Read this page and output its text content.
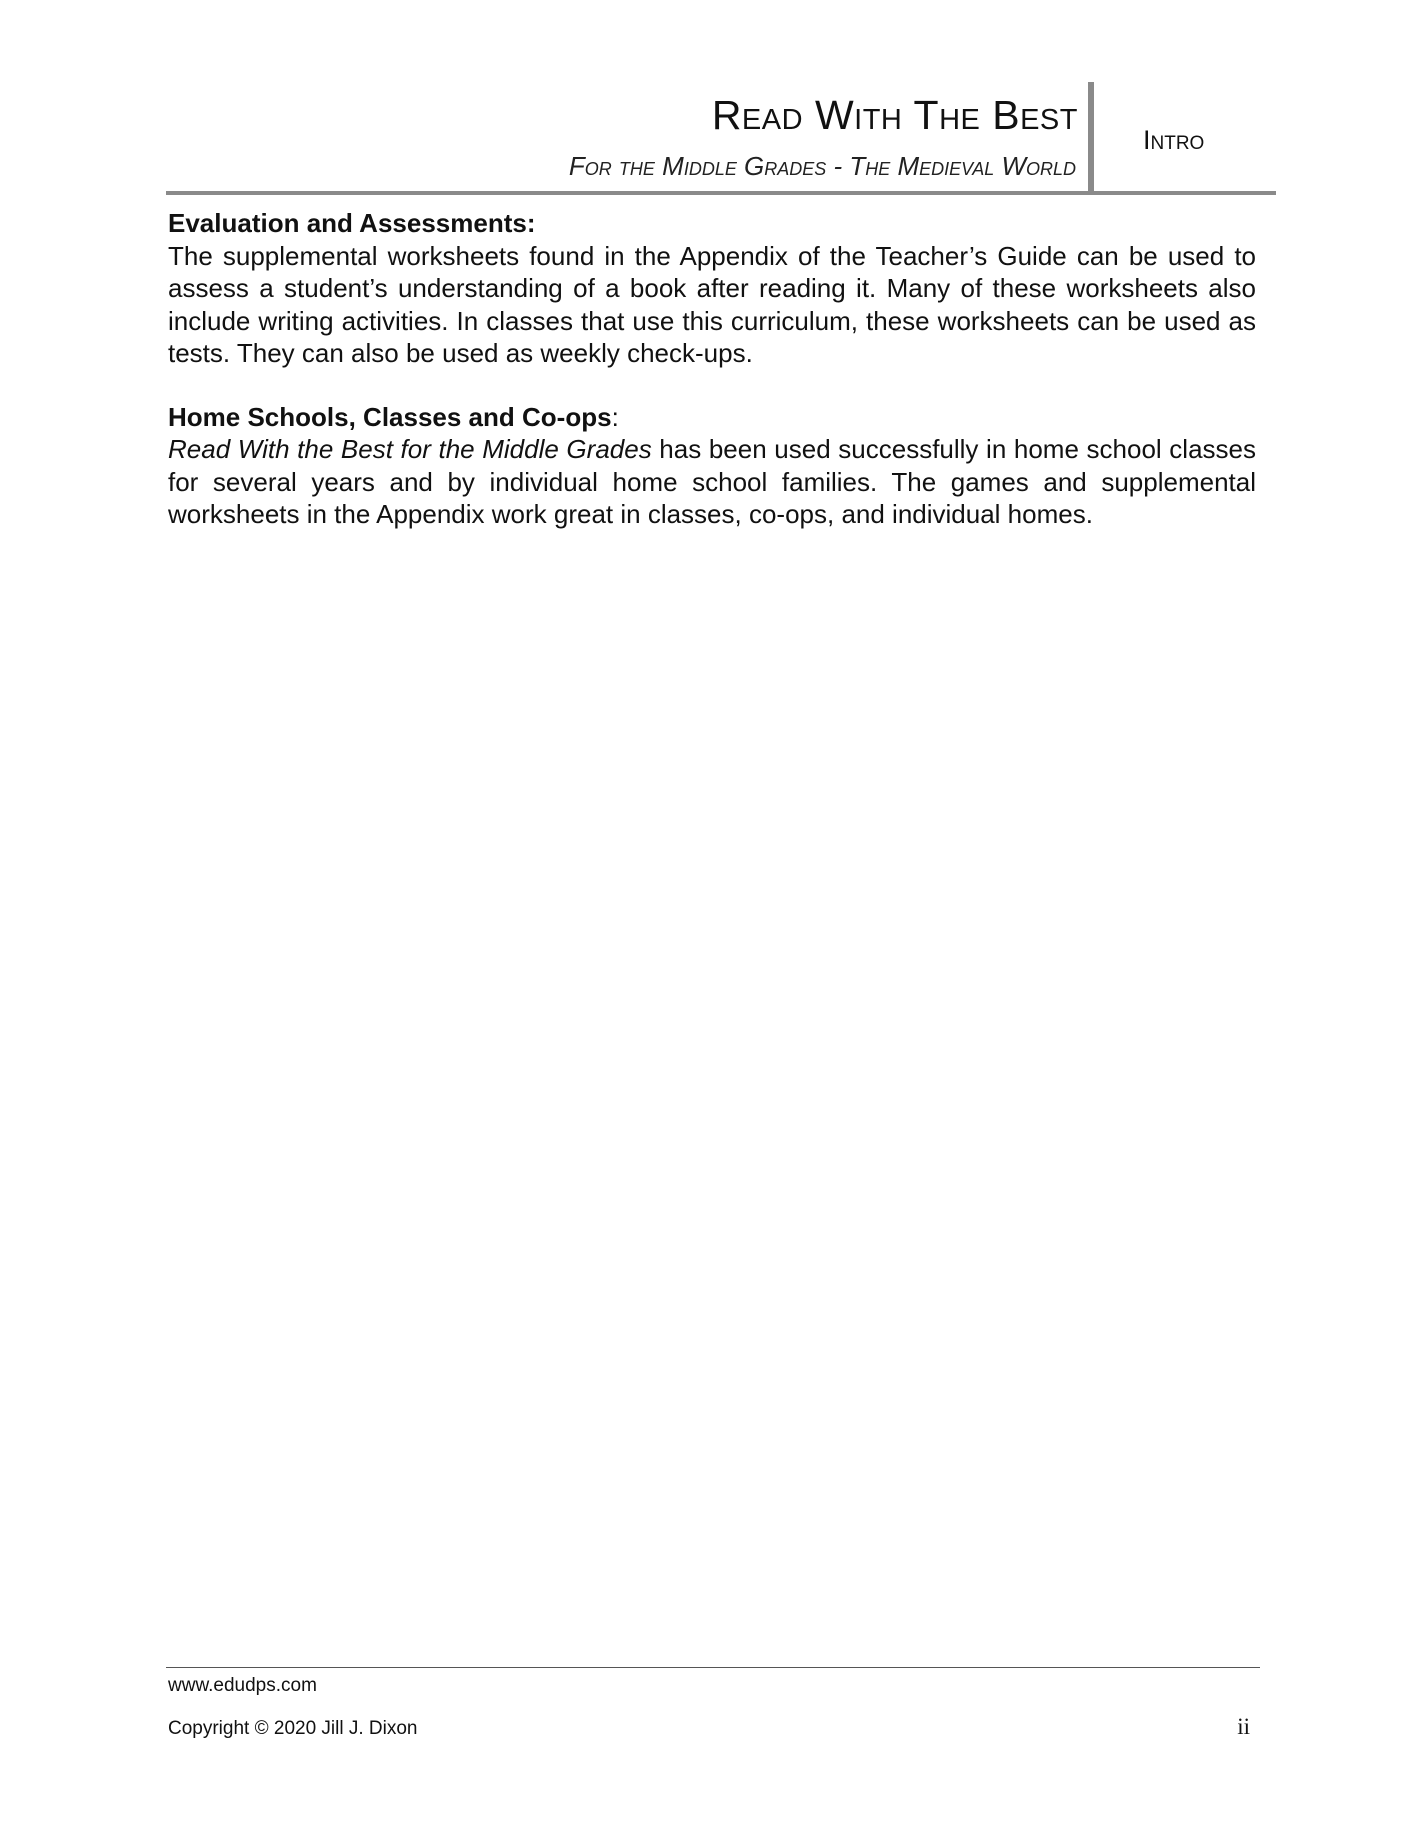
Read With The Best

For the Middle Grades - The Medieval World

Intro

Evaluation and Assessments:

The supplemental worksheets found in the Appendix of the Teacher’s Guide can be used to assess a student’s understanding of a book after reading it. Many of these worksheets also include writing activities. In classes that use this curriculum, these worksheets can be used as tests. They can also be used as weekly check-ups.

Home Schools, Classes and Co-ops:

Read With the Best for the Middle Grades has been used successfully in home school classes for several years and by individual home school families. The games and supplemental worksheets in the Appendix work great in classes, co-ops, and individual homes.

www.edudps.com

Copyright © 2020 Jill J. Dixon	ii
